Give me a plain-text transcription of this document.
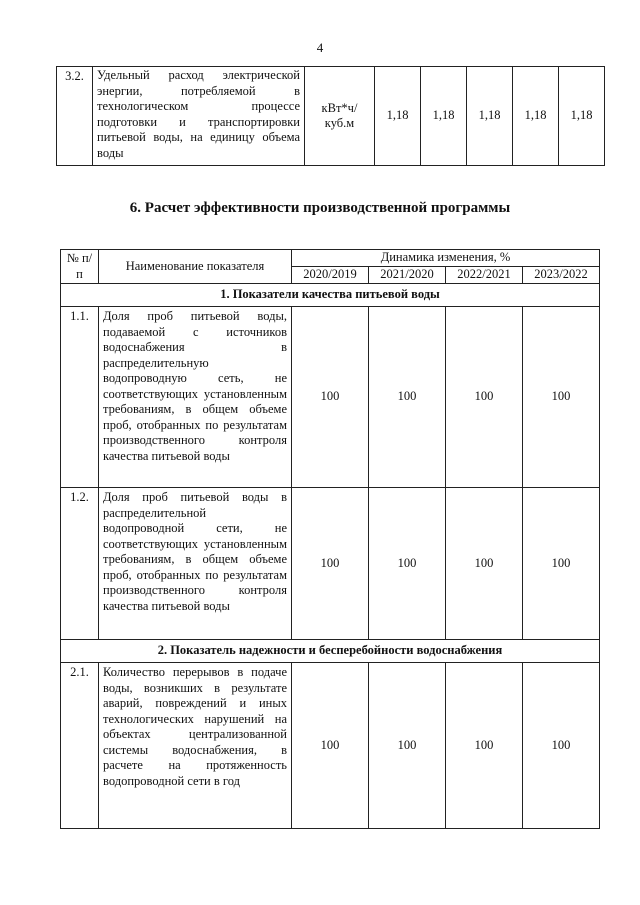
4
3.2.	Удельный расход электрической энергии, потребляемой в технологическом процессе подготовки и транспортировки питьевой воды, на единицу объема воды	кВт*ч/ куб.м	1,18	1,18	1,18	1,18	1,18
6. Расчет эффективности производственной программы
№ п/п	Наименование показателя	Динамика изменения, %			
		2020/2019	2021/2020	2022/2021	2023/2022
1. Показатели качества питьевой воды					
1.1.	Доля проб питьевой воды, подаваемой с источников водоснабжения в распределительную водопроводную сеть, не соответствующих установленным требованиям, в общем объеме проб, отобранных по результатам производственного контроля качества питьевой воды	100	100	100	100
1.2.	Доля проб питьевой воды в распределительной водопроводной сети, не соответствующих установленным требованиям, в общем объеме проб, отобранных по результатам производственного контроля качества питьевой воды	100	100	100	100
2. Показатель надежности и бесперебойности водоснабжения					
2.1.	Количество перерывов в подаче воды, возникших в результате аварий, повреждений и иных технологических нарушений на объектах централизованной системы водоснабжения, в расчете на протяженность водопроводной сети в год	100	100	100	100
